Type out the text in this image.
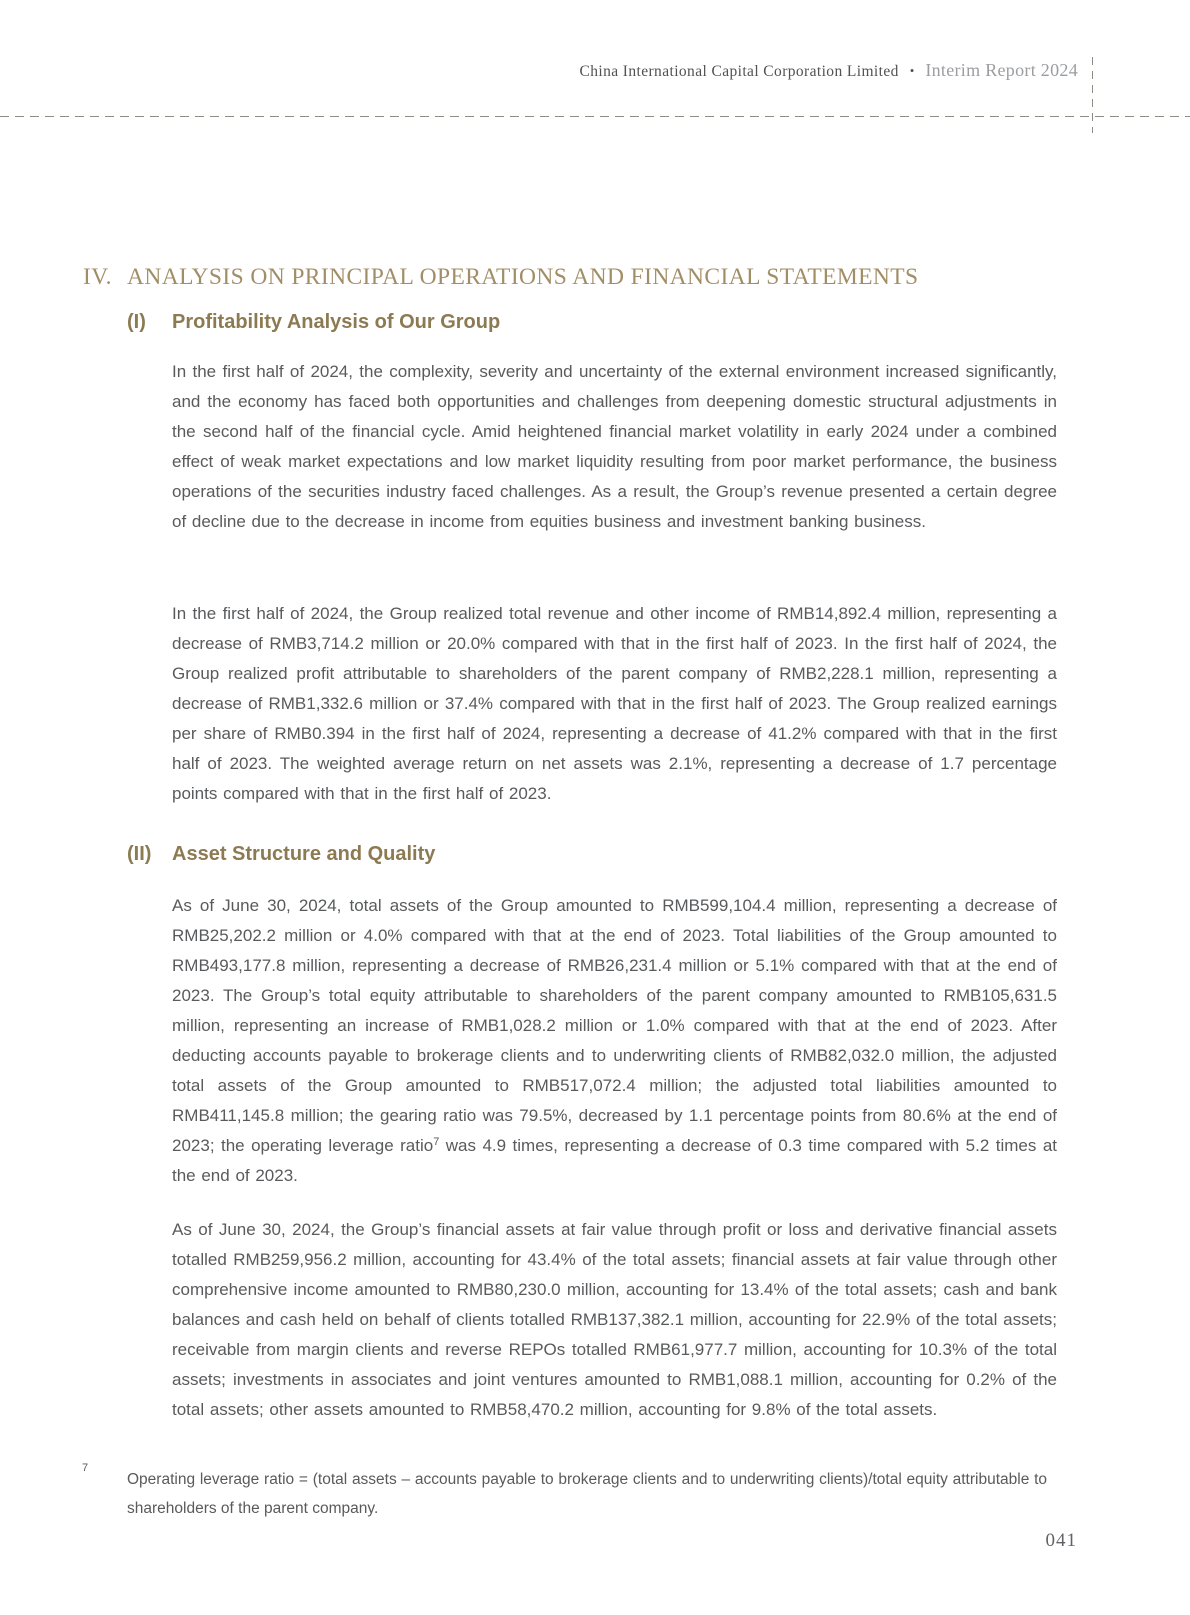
China International Capital Corporation Limited • Interim Report 2024
IV. ANALYSIS ON PRINCIPAL OPERATIONS AND FINANCIAL STATEMENTS
(I)	Profitability Analysis of Our Group

In the first half of 2024, the complexity, severity and uncertainty of the external environment increased significantly, and the economy has faced both opportunities and challenges from deepening domestic structural adjustments in the second half of the financial cycle. Amid heightened financial market volatility in early 2024 under a combined effect of weak market expectations and low market liquidity resulting from poor market performance, the business operations of the securities industry faced challenges. As a result, the Group’s revenue presented a certain degree of decline due to the decrease in income from equities business and investment banking business.

In the first half of 2024, the Group realized total revenue and other income of RMB14,892.4 million, representing a decrease of RMB3,714.2 million or 20.0% compared with that in the first half of 2023. In the first half of 2024, the Group realized profit attributable to shareholders of the parent company of RMB2,228.1 million, representing a decrease of RMB1,332.6 million or 37.4% compared with that in the first half of 2023. The Group realized earnings per share of RMB0.394 in the first half of 2024, representing a decrease of 41.2% compared with that in the first half of 2023. The weighted average return on net assets was 2.1%, representing a decrease of 1.7 percentage points compared with that in the first half of 2023.

(II)	Asset Structure and Quality

As of June 30, 2024, total assets of the Group amounted to RMB599,104.4 million, representing a decrease of RMB25,202.2 million or 4.0% compared with that at the end of 2023. Total liabilities of the Group amounted to RMB493,177.8 million, representing a decrease of RMB26,231.4 million or 5.1% compared with that at the end of 2023. The Group’s total equity attributable to shareholders of the parent company amounted to RMB105,631.5 million, representing an increase of RMB1,028.2 million or 1.0% compared with that at the end of 2023. After deducting accounts payable to brokerage clients and to underwriting clients of RMB82,032.0 million, the adjusted total assets of the Group amounted to RMB517,072.4 million; the adjusted total liabilities amounted to RMB411,145.8 million; the gearing ratio was 79.5%, decreased by 1.1 percentage points from 80.6% at the end of 2023; the operating leverage ratio$^7$ was 4.9 times, representing a decrease of 0.3 time compared with 5.2 times at the end of 2023.

As of June 30, 2024, the Group’s financial assets at fair value through profit or loss and derivative financial assets totalled RMB259,956.2 million, accounting for 43.4% of the total assets; financial assets at fair value through other comprehensive income amounted to RMB80,230.0 million, accounting for 13.4% of the total assets; cash and bank balances and cash held on behalf of clients totalled RMB137,382.1 million, accounting for 22.9% of the total assets; receivable from margin clients and reverse REPOs totalled RMB61,977.7 million, accounting for 10.3% of the total assets; investments in associates and joint ventures amounted to RMB1,088.1 million, accounting for 0.2% of the total assets; other assets amounted to RMB58,470.2 million, accounting for 9.8% of the total assets.

7

Operating leverage ratio = (total assets – accounts payable to brokerage clients and to underwriting clients)/total equity attributable to shareholders of the parent company.

041
